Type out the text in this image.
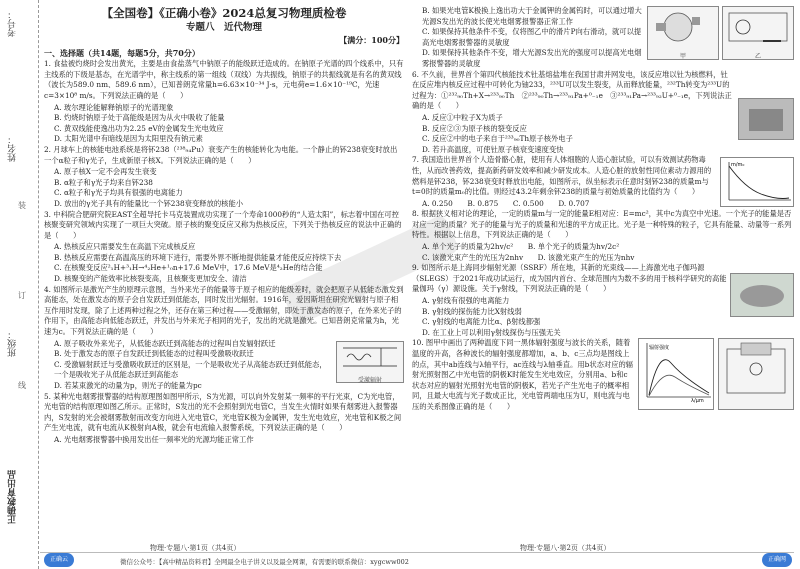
考号：
姓名：
班级：
正确教育出品
装
订
线
【全国卷】《正确小卷》2024总复习物理质检卷
专题八　近代物理
【满分：100分】
一、选择题（共14题，每题5分，共70分）

1. 食盐被灼烧时会发出黄光，主要是由食盐蒸气中钠原子的能级跃迁造成的。在钠原子光谱的四个线系中，只有主线系的下级是基态，在光谱学中，称主线系的第一组线（双线）为共振线，钠原子的共振线就是有名的黄双线（波长为589.0 nm、589.6 nm），已知普朗克常量h=6.63×10⁻³⁴ J·s，元电荷e=1.6×10⁻¹⁹C，光速c=3×10⁸ m/s。下列说法正确的是（　　）

A. 玻尔理论能解释钠原子的光谱现象

B. 灼烧时钠原子处于高能级是因为从火中吸收了能量

C. 黄双线能使逸出功为2.25 eV的金属发生光电效应

D. 太阳光谱中有暗线是因为太阳里没有钠元素

2. 月球车上的核能电池系统是将钚238（²³⁸₉₄Pu）衰变产生的核能转化为电能。一个静止的钚238衰变时放出一个α粒子和γ光子，生成新原子核X。下列说法正确的是（　　）

A. 原子核X一定不会再发生衰变

B. α粒子和γ光子均来自钚238

C. α粒子和γ光子均具有很强的电离能力

D. 放出的γ光子具有的能量比一个钚238衰变释放的核能小

3. 中科院合肥研究院EAST全超导托卡马克装置成功实现了一个寿命1000秒的“人造太阳”，标志着中国在可控核聚变研究领域内实现了一项巨大突破。原子核的聚变反应又称为热核反应，下列关于热核反应的说法中正确的是（　　）

A. 热核反应只需要发生在高温下完成核反应

B. 热核反应需要在高温高压的环境下进行，需要外界不断地提供能量才能使反应持续下去

C. 在核聚变反应²₁H+³₁H→⁴₂He+¹₀n+17.6 MeV中，17.6 MeV是⁴₂He的结合能

D. 核聚变的产能效率比核裂变高，且核聚变更加安全、清洁

4. 如图所示是激光产生的原理示意图，当外来光子的能量等于原子相应的能级差时，就会把原子从低能态激发到高能态，处在激发态的原子会自发跃迁到低能态，同时发出光辐射。1916年，爱因斯坦在研究光辐射与原子相互作用时发现，除了上述两种过程之外，还存在第三种过程——受激辐射，即处于激发态的原子，在外来光子的作用下，由高能态向低能态跃迁，并发出与外来光子相同的光子，发出的光就是激光。已知普朗克常量为h，光速为c。下列说法正确的是（　　）

受激辐射

A. 原子吸收外来光子，从低能态跃迁到高能态的过程叫自发辐射跃迁

B. 处于激发态的原子自发跃迁到低能态的过程叫受激吸收跃迁

C. 受激辐射跃迁与受激吸收跃迁的区别是，一个是吸收光子从高能态跃迁到低能态，一个是吸收光子从低能态跃迁到高能态

D. 若某束激光的动量为p，则光子的能量为pc

5. 某种光电烟雾报警器的结构原理图如图甲所示，S为光源，可以向外发射某一频率的平行光束，C为光电管，光电管的结构原理如图乙所示。正常时，S发出的光不会照射到光电管C，当发生火情时如果有烟雾进入报警器内，S发射的光会被烟雾散射而改变方向进入光电管C，光电管K极为金属钾，发生光电效应，光电管和K极之间产生光电流，就有电流从K极射向A极，就会有电流输入报警系统，下列说法正确的是（　　）

A. 光电烟雾报警器中换用发出任一频率光的光源均能正常工作

甲	乙

B. 如果光电管K极换上逸出功大于金属钾的金属钨时，可以通过增大光源S发出光的波长使光电烟雾报警器正常工作

C. 如果保持其他条件不变，仅将图乙中的滑片P向右滑动，就可以提高光电烟雾报警器的灵敏度

D. 如果保持其他条件不变，增大光源S发出光的强度可以提高光电烟雾报警器的灵敏度

6. 不久前，世界首个第四代核能技术钍基熔盐堆在我国甘肃并网发电，该反应堆以钍为核燃料，钍在反应堆内核反应过程中可转化为铀233，²³³U可以发生裂变，从而释放能量，²³²Th转变为²³³U的过程为：①²³²₉₀Th+X→²³³₉₀Th　②²³³₉₀Th→²³³₉₁Pa+⁰₋₁e　③²³³₉₁Pa→²³³₉₂U+⁰₋₁e，下列说法正确的是（　　）

A. 反应①中粒子X为质子

B. 反应②③为原子核的裂变反应

C. 反应②中的电子来自于²³³₉₀Th原子核外电子

D. 若升高温度，可使钍原子核衰变速度变快

m/m₀

7. 我国造出世界首个人造骨骼心脏，使用有人体细胞的人造心脏试验，可以有效测试药物毒性，从而改善药效，提高新药研发效率和减少研发成本。人造心脏的放射性同位素动力源用的燃料是钚238，钚238衰变时释放出电能，如图所示，纵坐标表示任意时刻钚238的质量m与t=0时的质量m₀的比值。则经过43.2年剩余钚238的质量与初始质量的比值约为（　　）

A. 0.250　　B. 0.875　　C. 0.500　　D. 0.707

8. 根据狭义相对论的理论，一定的质量m与一定的能量E相对应：E=mc²，其中c为真空中光速。一个光子的能量是否对应一定的质量？光子的能量与光子的质量和光速的平方成正比。光子是一种特殊的粒子，它具有能量、动量等一系列特性。根据以上信息，下列说法正确的是（　　）

A. 单个光子的质量为2hv/c²　　B. 单个光子的质量为hv/2c²

C. 该激光束产生的光压为2nhv　　D. 该激光束产生的光压为nhv

9. 如图所示是上海同步辐射光源（SSRF）所在地，其新的光束线——上海激光电子伽玛源（SLEGS）于2021年成功试运行，成为国内首台、全球范围内为数不多的用于核科学研究的高能量伽玛（γ）源设施。关于γ射线，下列说法正确的是（　　）

A. γ射线有很强的电离能力

B. γ射线的探伤能力比X射线弱

C. γ射线的电离能力比α、β射线都强

D. 在工业上可以利用γ射线探伤与压强无关

辐射强度
λ/μm

10. 图甲中画出了两种温度下同一黑体辐射强度与波长的关系，随着温度的升高，各种波长的辐射强度都增加，a、b、c三点均是图线上的点，其中ab连线与λ轴平行，ac连线与λ轴垂直。用b状态对应的辐射光照射图乙中光电管的阴极K时能发生光电效应，分别用a、b和c状态对应的辐射光照射光电管的阴极K，若光子产生光电子的概率相同，且最大电流与光子数成正比，光电管两端电压为U，则电流与电压的关系图像正确的是（　　）

正确云
物理·专题八·第1页（共4页）	物理·专题八·第2页（共4页）
微信公众号：【高中精品资料君】全网最全电子讲义以及最全网课，有需要的联系微信：xygcww002	正确网
